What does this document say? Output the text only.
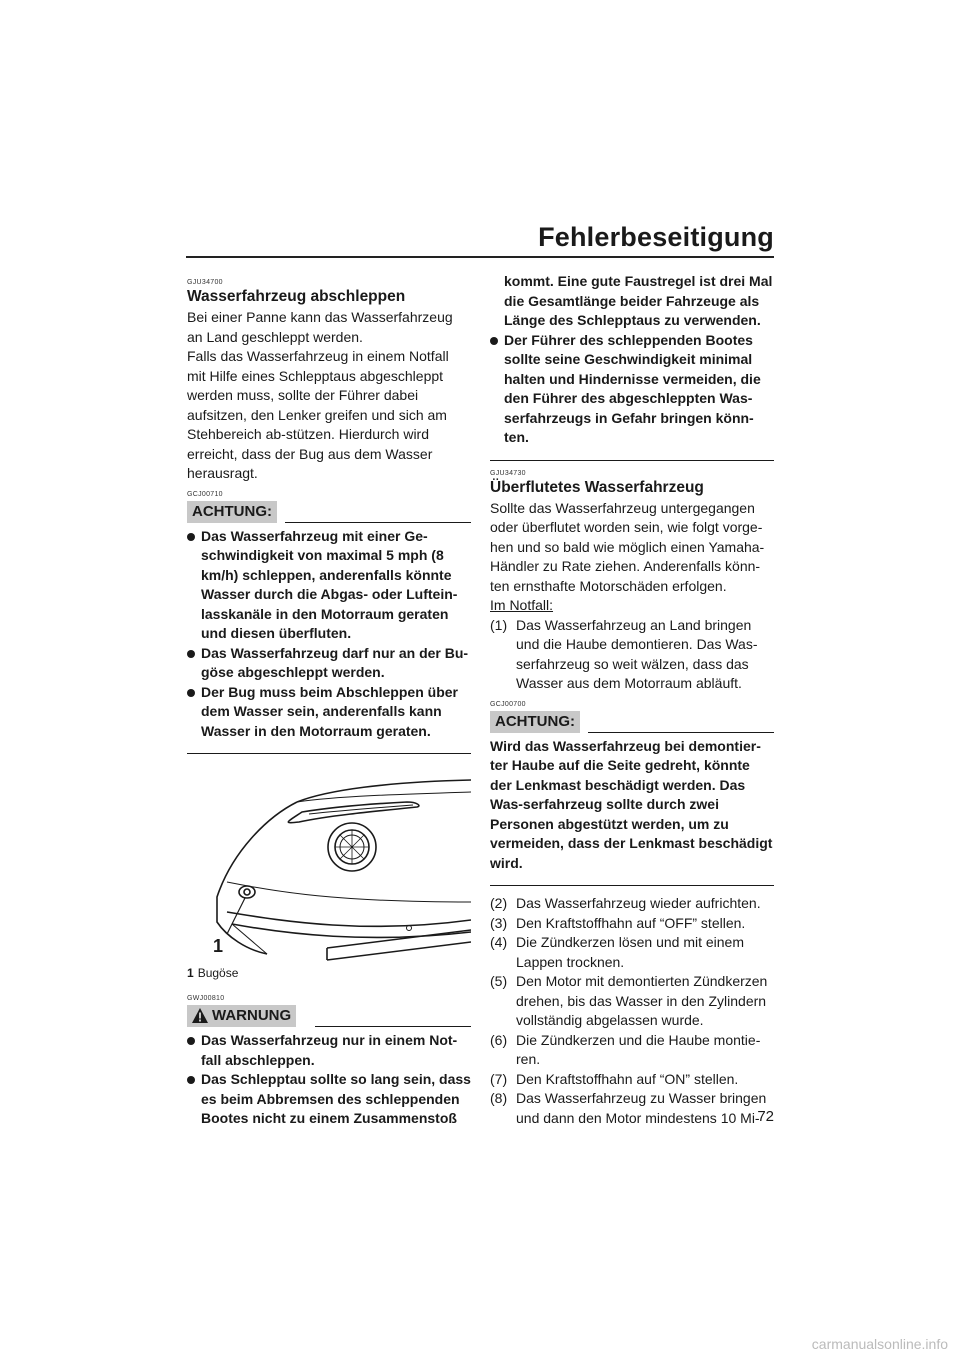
Fehlerbeseitigung
GJU34700
Wasserfahrzeug abschleppen

Bei einer Panne kann das Wasserfahrzeug an Land geschleppt werden.

Falls das Wasserfahrzeug in einem Notfall mit Hilfe eines Schlepptaus abgeschleppt werden muss, sollte der Führer dabei aufsitzen, den Lenker greifen und sich am Stehbereich ab-stützen. Hierdurch wird erreicht, dass der Bug aus dem Wasser herausragt.

GCJ00710
ACHTUNG:
Das Wasserfahrzeug mit einer Ge-schwindigkeit von maximal 5 mph (8 km/h) schleppen, anderenfalls könnte Wasser durch die Abgas- oder Luftein-lasskanäle in den Motorraum geraten und diesen überfluten.
Das Wasserfahrzeug darf nur an der Bu-göse abgeschleppt werden.
Der Bug muss beim Abschleppen über dem Wasser sein, anderenfalls kann Wasser in den Motorraum geraten.
1
1 Bugöse
GWJ00810
WARNUNG
Das Wasserfahrzeug nur in einem Not-fall abschleppen.
Das Schlepptau sollte so lang sein, dass es beim Abbremsen des schleppenden Bootes nicht zu einem Zusammenstoß

kommt. Eine gute Faustregel ist drei Mal die Gesamtlänge beider Fahrzeuge als Länge des Schlepptaus zu verwenden.

Der Führer des schleppenden Bootes sollte seine Geschwindigkeit minimal halten und Hindernisse vermeiden, die den Führer des abgeschleppten Was-serfahrzeugs in Gefahr bringen könn-ten.
GJU34730
Überflutetes Wasserfahrzeug

Sollte das Wasserfahrzeug untergegangen oder überflutet worden sein, wie folgt vorge-hen und so bald wie möglich einen Yamaha-Händler zu Rate ziehen. Anderenfalls könn-ten ernsthafte Motorschäden erfolgen.

Im Notfall:

(1) Das Wasserfahrzeug an Land bringen und die Haube demontieren. Das Was-serfahrzeug so weit wälzen, dass das Wasser aus dem Motorraum abläuft.
GCJ00700
ACHTUNG:

Wird das Wasserfahrzeug bei demontier-ter Haube auf die Seite gedreht, könnte der Lenkmast beschädigt werden. Das Was-serfahrzeug sollte durch zwei Personen abgestützt werden, um zu vermeiden, dass der Lenkmast beschädigt wird.

(2) Das Wasserfahrzeug wieder aufrichten.
(3) Den Kraftstoffhahn auf “OFF” stellen.
(4) Die Zündkerzen lösen und mit einem Lappen trocknen.
(5) Den Motor mit demontierten Zündkerzen drehen, bis das Wasser in den Zylindern vollständig abgelassen wurde.
(6) Die Zündkerzen und die Haube montie-ren.
(7) Den Kraftstoffhahn auf “ON” stellen.
(8) Das Wasserfahrzeug zu Wasser bringen und dann den Motor mindestens 10 Mi-
72
carmanualsonline.info
